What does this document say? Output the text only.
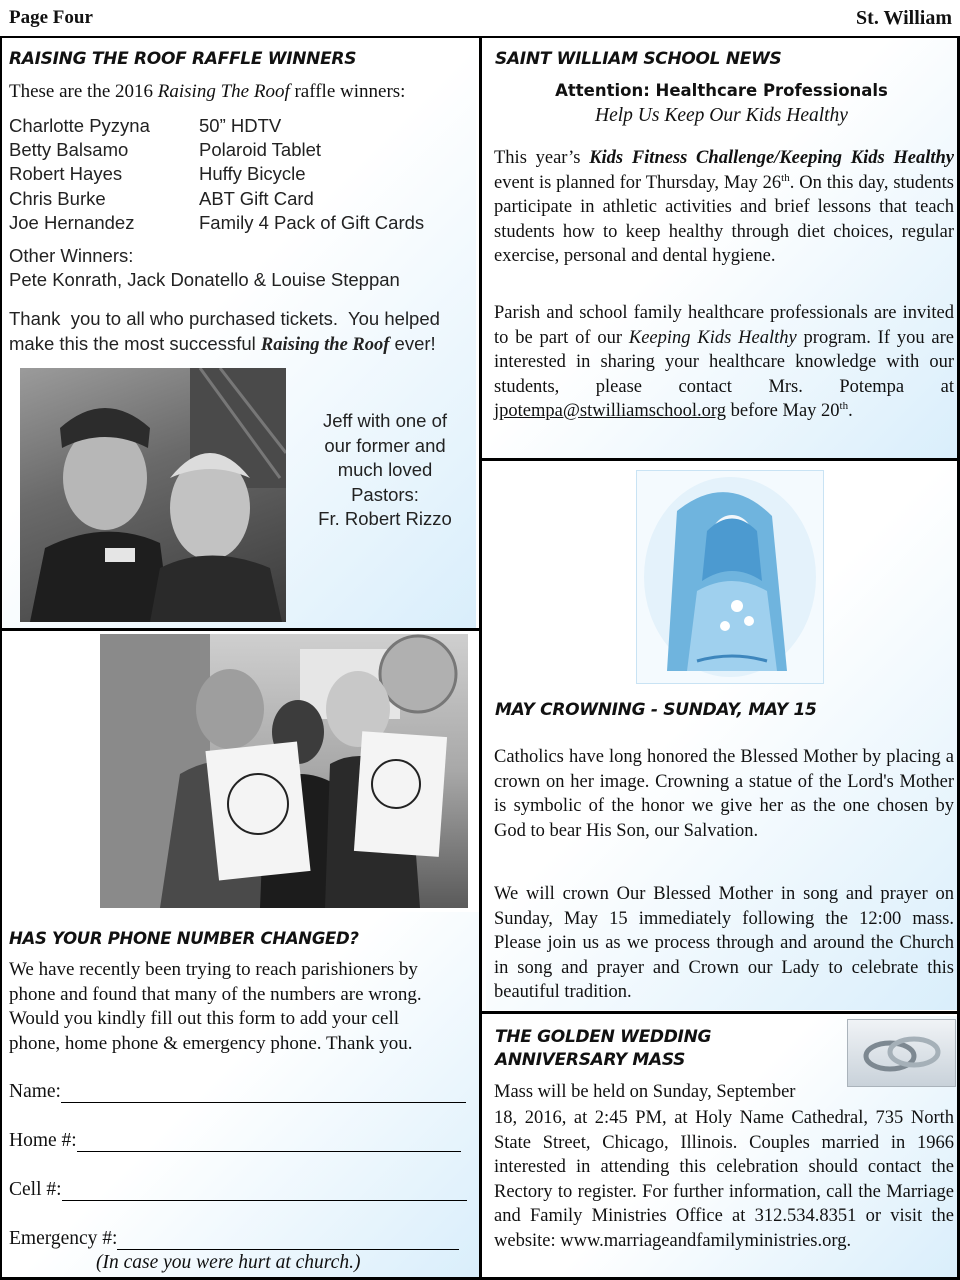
Page Four	St. William
RAISING THE ROOF RAFFLE WINNERS
These are the 2016 Raising The Roof raffle winners:
Charlotte Pyzyna	50” HDTV
Betty Balsamo	Polaroid Tablet
Robert Hayes	Huffy Bicycle
Chris Burke	ABT Gift Card
Joe Hernandez	Family 4 Pack of Gift Cards
Other Winners:
Pete Konrath, Jack Donatello & Louise Steppan
Thank  you to all who purchased tickets.  You helped
make this the most successful Raising the Roof ever!
Jeff with one of
our former and
much loved
Pastors:
Fr. Robert Rizzo
HAS YOUR PHONE NUMBER CHANGED?
We have recently been trying to reach parishioners by
phone and found that many of the numbers are wrong.
Would you kindly fill out this form to add your cell
phone, home phone & emergency phone. Thank you.
Name:
Home #:
Cell #:
Emergency #:
(In case you were hurt at church.)
SAINT WILLIAM SCHOOL NEWS
Attention: Healthcare Professionals
Help Us Keep Our Kids Healthy
This year’s Kids Fitness Challenge/Keeping Kids Healthy event is planned for Thursday, May 26th. On this day, students participate in athletic activities and brief lessons that teach students how to keep healthy through diet choices, regular exercise, personal and dental hygiene.
Parish and school family healthcare professionals are invited to be part of our Keeping Kids Healthy program. If you are interested in sharing your healthcare knowledge with our students, please contact Mrs. Potempa at jpotempa@stwilliamschool.org before May 20th.
MAY CROWNING - SUNDAY, MAY 15
Catholics have long honored the Blessed Mother by placing a crown on her image. Crowning a statue of the Lord's Mother is symbolic of the honor we give her as the one chosen by God to bear His Son, our Salvation.
We will crown Our Blessed Mother in song and prayer on Sunday, May 15 immediately following the 12:00 mass. Please join us as we process through and around the Church in song and prayer and Crown our Lady to celebrate this beautiful tradition.
THE GOLDEN WEDDING
ANNIVERSARY MASS
Mass will be held on Sunday, September
18, 2016, at 2:45 PM, at Holy Name Cathedral, 735 North State Street, Chicago, Illinois. Couples married in 1966 interested in attending this celebration should contact the Rectory to register. For further information, call the Marriage and Family Ministries Office at 312.534.8351 or visit the website: www.marriageandfamilyministries.org.
